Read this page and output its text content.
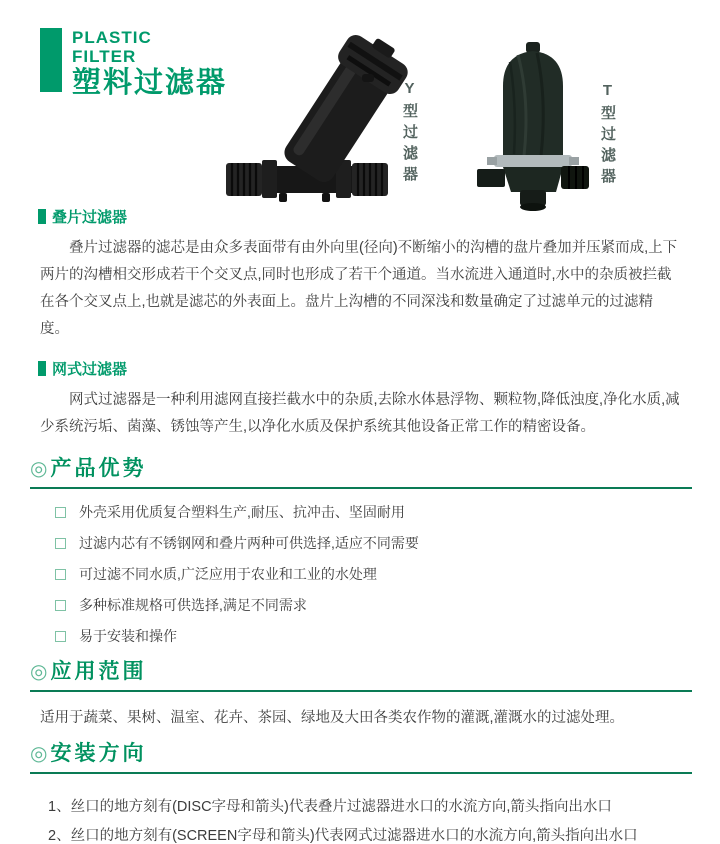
PLASTIC
FILTER
塑料过滤器	Y型过滤器	T型过滤器
叠片过滤器

叠片过滤器的滤芯是由众多表面带有由外向里(径向)不断缩小的沟槽的盘片叠加并压紧而成,上下两片的沟槽相交形成若干个交叉点,同时也形成了若干个通道。当水流进入通道时,水中的杂质被拦截在各个交叉点上,也就是滤芯的外表面上。盘片上沟槽的不同深浅和数量确定了过滤单元的过滤精度。

网式过滤器

网式过滤器是一种利用滤网直接拦截水中的杂质,去除水体悬浮物、颗粒物,降低浊度,净化水质,减少系统污垢、菌藻、锈蚀等产生,以净化水质及保护系统其他设备正常工作的精密设备。

◎ 产品优势
外壳采用优质复合塑料生产,耐压、抗冲击、坚固耐用
过滤内芯有不锈钢网和叠片两种可供选择,适应不同需要
可过滤不同水质,广泛应用于农业和工业的水处理
多种标准规格可供选择,满足不同需求
易于安装和操作
◎ 应用范围

适用于蔬菜、果树、温室、花卉、茶园、绿地及大田各类农作物的灌溉,灌溉水的过滤处理。

◎ 安装方向

1、丝口的地方刻有(DISC字母和箭头)代表叠片过滤器进水口的水流方向,箭头指向出水口

2、丝口的地方刻有(SCREEN字母和箭头)代表网式过滤器进水口的水流方向,箭头指向出水口
